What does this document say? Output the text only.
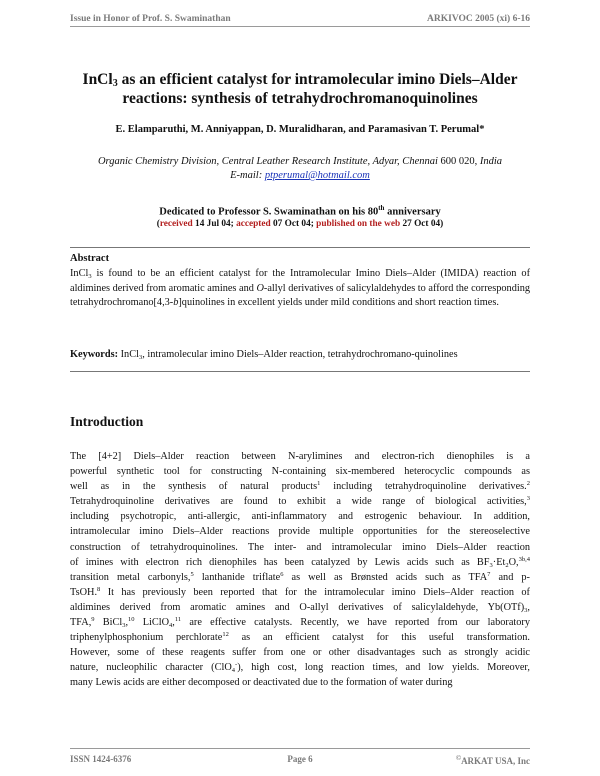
Issue in Honor of Prof. S. Swaminathan	ARKIVOC 2005 (xi) 6-16
InCl$_3$ as an efficient catalyst for intramolecular imino Diels–Alder
reactions: synthesis of tetrahydrochromanoquinolines
E. Elamparuthi, M. Anniyappan, D. Muralidharan, and Paramasivan T. Perumal*
Organic Chemistry Division, Central Leather Research Institute, Adyar, Chennai 600 020, India
E-mail: ptperumal@hotmail.com
Dedicated to Professor S. Swaminathan on his 80th anniversary
(received 14 Jul 04; accepted 07 Oct 04; published on the web 27 Oct 04)
Abstract
InCl$_3$ is found to be an efficient catalyst for the Intramolecular Imino Diels–Alder (IMIDA) reaction of aldimines derived from aromatic amines and O-allyl derivatives of salicylaldehydes to afford the corresponding tetrahydrochromano[4,3-b]quinolines in excellent yields under mild conditions and short reaction times.
Keywords: InCl$_3$, intramolecular imino Diels–Alder reaction, tetrahydrochromano-quinolines
Introduction
The [4+2] Diels–Alder reaction between N-arylimines and electron-rich dienophiles is a
powerful synthetic tool for constructing N-containing six-membered heterocyclic compounds as
well as in the synthesis of natural products$^1$ including tetrahydroquinoline derivatives.$^2$
Tetrahydroquinoline derivatives are found to exhibit a wide range of biological activities,$^3$
including psychotropic, anti-allergic, anti-inflammatory and estrogenic behaviour. In addition,
intramolecular imino Diels–Alder reactions provide multiple opportunities for the stereoselective
construction of tetrahydroquinolines. The inter- and intramolecular imino Diels–Alder reaction
of imines with electron rich dienophiles has been catalyzed by Lewis acids such as $BF_3\cdot Et_2O,^{3b,4}$
transition metal carbonyls,$^5$ lanthanide triflate$^6$ as well as Brønsted acids such as TFA$^7$ and p-
TsOH.$^8$ It has previously been reported that for the intramolecular imino Diels–Alder reaction of
aldimines derived from aromatic amines and O-allyl derivatives of salicylaldehyde, $Yb(OTf)_3$,
TFA,$^9$ BiCl$_3$,$^{10}$ LiClO$_4$,$^{11}$ are effective catalysts. Recently, we have reported from our laboratory
triphenylphosphonium perchlorate$^{12}$ as an efficient catalyst for this useful transformation.
However, some of these reagents suffer from one or other disadvantages such as strongly acidic
nature, nucleophilic character (ClO$_4$-), high cost, long reaction times, and low yields. Moreover,
many Lewis acids are either decomposed or deactivated due to the formation of water during
ISSN 1424-6376	Page 6	©ARKAT USA, Inc
